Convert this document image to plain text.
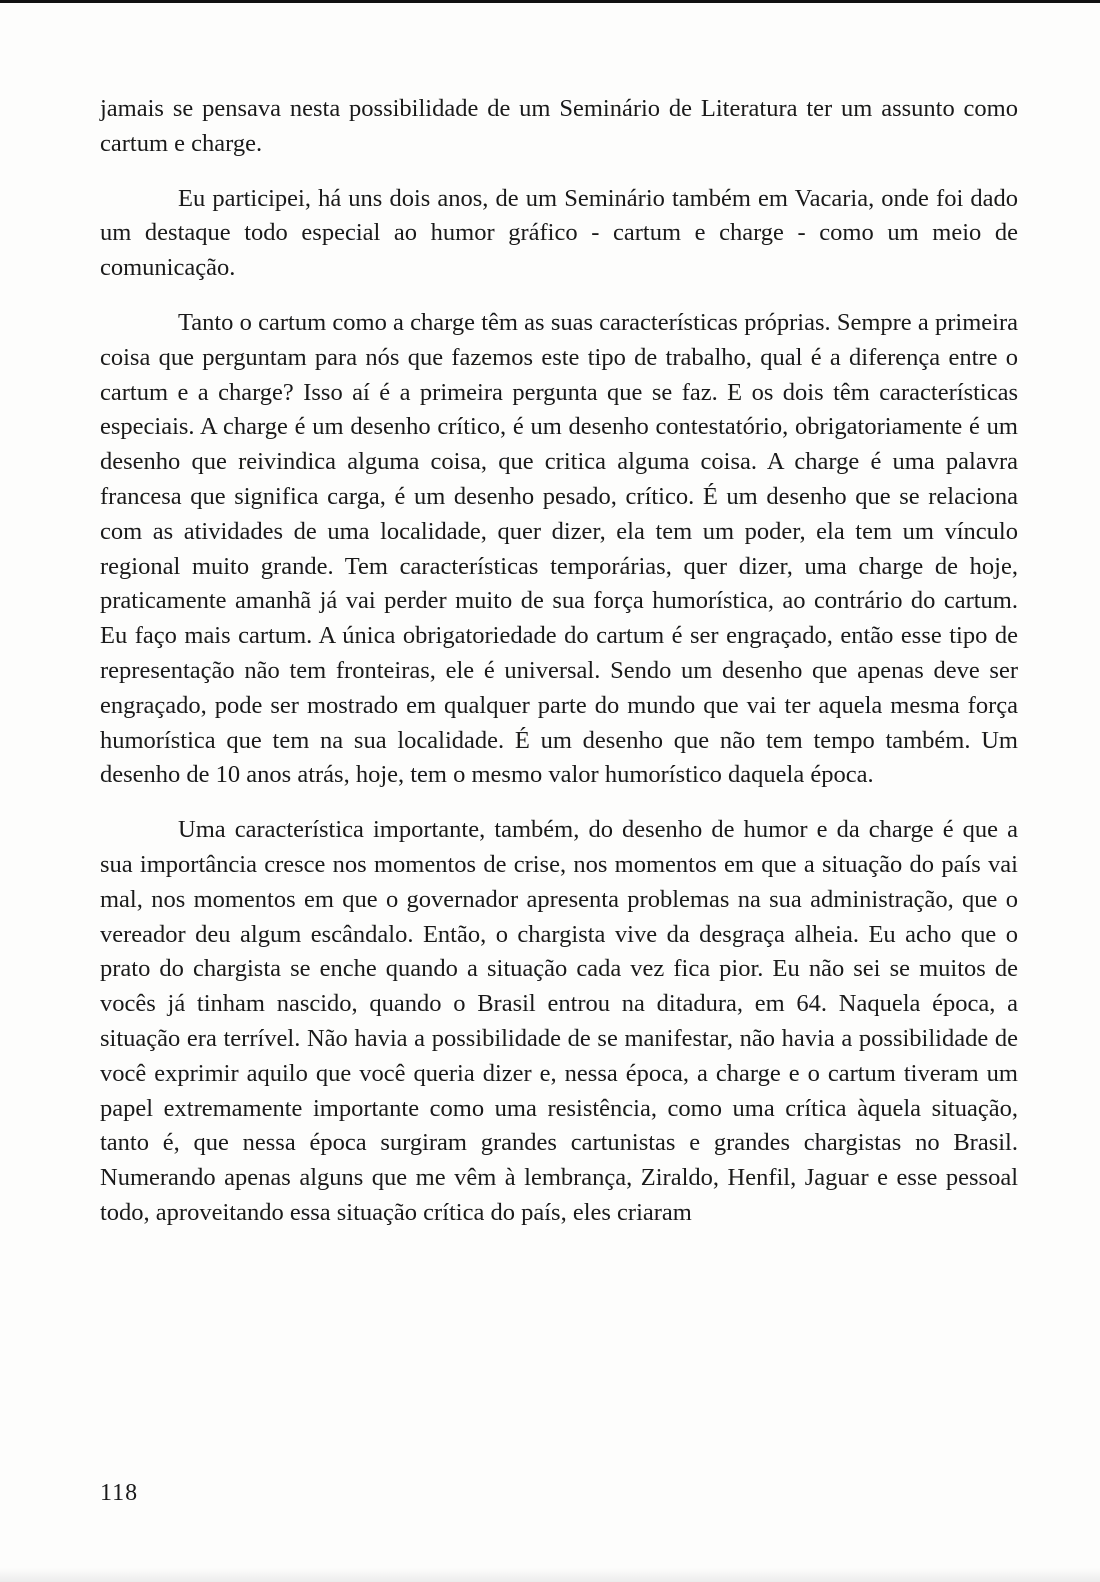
jamais se pensava nesta possibilidade de um Seminário de Literatura ter um assunto como cartum e charge.

Eu participei, há uns dois anos, de um Seminário também em Vacaria, onde foi dado um destaque todo especial ao humor gráfico - cartum e charge - como um meio de comunicação.

Tanto o cartum como a charge têm as suas características próprias. Sempre a primeira coisa que perguntam para nós que fazemos este tipo de trabalho, qual é a diferença entre o cartum e a charge? Isso aí é a primeira pergunta que se faz. E os dois têm características especiais. A charge é um desenho crítico, é um desenho contestatório, obrigatoriamente é um desenho que reivindica alguma coisa, que critica alguma coisa. A charge é uma palavra francesa que significa carga, é um desenho pesado, crítico. É um desenho que se relaciona com as atividades de uma localidade, quer dizer, ela tem um poder, ela tem um vínculo regional muito grande. Tem características temporárias, quer dizer, uma charge de hoje, praticamente amanhã já vai perder muito de sua força humorística, ao contrário do cartum. Eu faço mais cartum. A única obrigatoriedade do cartum é ser engraçado, então esse tipo de representação não tem fronteiras, ele é universal. Sendo um desenho que apenas deve ser engraçado, pode ser mostrado em qualquer parte do mundo que vai ter aquela mesma força humorística que tem na sua localidade. É um desenho que não tem tempo também. Um desenho de 10 anos atrás, hoje, tem o mesmo valor humorístico daquela época.

Uma característica importante, também, do desenho de humor e da charge é que a sua importância cresce nos momentos de crise, nos momentos em que a situação do país vai mal, nos momentos em que o governador apresenta problemas na sua administração, que o vereador deu algum escândalo. Então, o chargista vive da desgraça alheia. Eu acho que o prato do chargista se enche quando a situação cada vez fica pior. Eu não sei se muitos de vocês já tinham nascido, quando o Brasil entrou na ditadura, em 64. Naquela época, a situação era terrível. Não havia a possibilidade de se manifestar, não havia a possibilidade de você exprimir aquilo que você queria dizer e, nessa época, a charge e o cartum tiveram um papel extremamente importante como uma resistência, como uma crítica àquela situação, tanto é, que nessa época surgiram grandes cartunistas e grandes chargistas no Brasil. Numerando apenas alguns que me vêm à lembrança, Ziraldo, Henfil, Jaguar e esse pessoal todo, aproveitando essa situação crítica do país, eles criaram

118
